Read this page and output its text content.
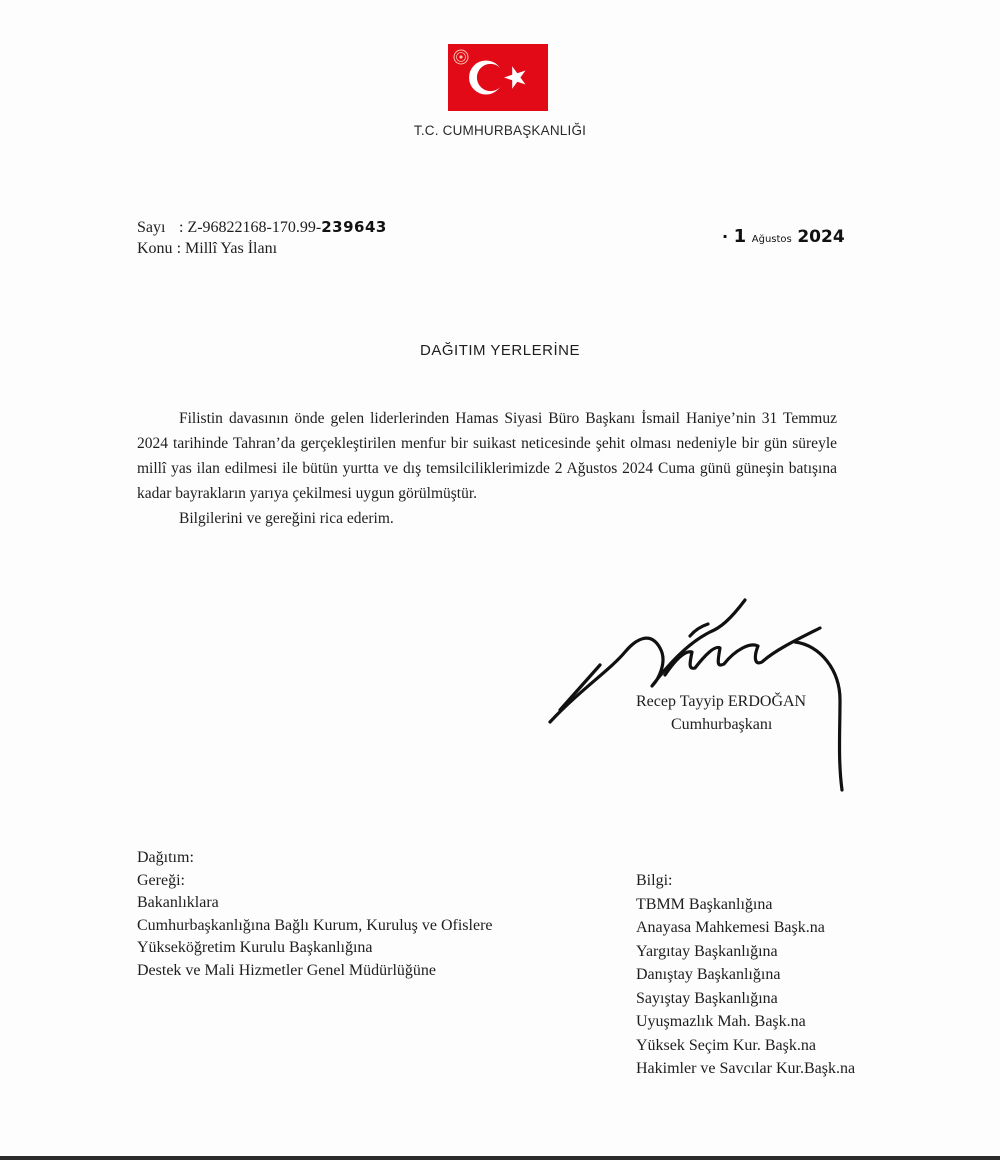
T.C. CUMHURBAŞKANLIĞI
Sayı  : Z-96822168-170.99-239643
Konu : Millî Yas İlanı
· 1 Ağustos 2024
DAĞITIM YERLERİNE

Filistin davasının önde gelen liderlerinden Hamas Siyasi Büro Başkanı İsmail Haniye’nin 31 Temmuz 2024 tarihinde Tahran’da gerçekleştirilen menfur bir suikast neticesinde şehit olması nedeniyle bir gün süreyle millî yas ilan edilmesi ile bütün yurtta ve dış temsilciliklerimizde 2 Ağustos 2024 Cuma günü güneşin batışına kadar bayrakların yarıya çekilmesi uygun görülmüştür.

Bilgilerini ve gereğini rica ederim.

Recep Tayyip ERDOĞAN
Cumhurbaşkanı
Dağıtım:
Gereği:
Bakanlıklara
Cumhurbaşkanlığına Bağlı Kurum, Kuruluş ve Ofislere
Yükseköğretim Kurulu Başkanlığına
Destek ve Mali Hizmetler Genel Müdürlüğüne
Bilgi:
TBMM Başkanlığına
Anayasa Mahkemesi Başk.na
Yargıtay Başkanlığına
Danıştay Başkanlığına
Sayıştay Başkanlığına
Uyuşmazlık Mah. Başk.na
Yüksek Seçim Kur. Başk.na
Hakimler ve Savcılar Kur.Başk.na
